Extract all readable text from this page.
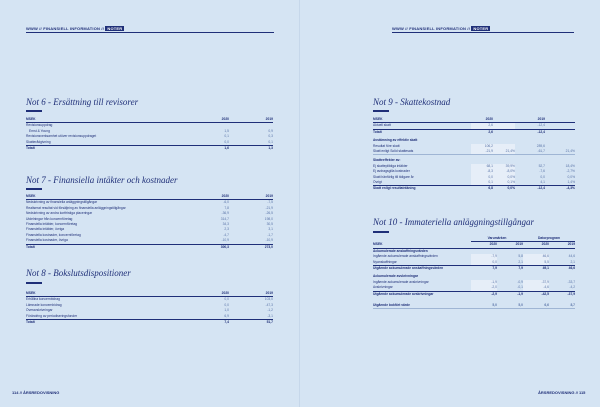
WWW // FINANSIELL INFORMATION // NOTER
Not 6 - Ersättning till revisorer
MSEK	2020	2019
Revisionsuppdrag		
Ernst & Young	1,5	0,9

Revisionsverksamhet utöver revisionsuppdraget	0,1	0,3
Skatterådgivning	0,0	0,1
Totalt	1,6	1,3
Not 7 - Finansiella intäkter och kostnader
MSEK	2020	2019
Nedskrivning av finansiella anläggningstillgångar	-6,0	-7,5
Realiserat resultat vid försäljning av finansiella anläggningstillgångar	7,8	-21,9
Nedskrivning av andra kortfristiga placeringar	-36,9	-26,5
Utdelningar från koncernföretag	314,7	198,0
Finansiella intäkter, koncernföretag	34,3	30,5
Finansiella intäkter, övriga	2,3	3,1
Finansiella kostnader, koncernföretag	-4,7	-1,7
Finansiella kostnader, övriga	-10,9	-10,9
Totalt	300,3	273,0
Not 8 - Bokslutsdispositioner
MSEK	2020	2019
Erhållna koncernbidrag	0,0	103,0
Lämnade koncernbidrag	0,0	-47,3
Överavskrivningar	1,0	-1,2
Förändring av periodiseringsfonder	6,9	-3,1
Totalt	7,4	51,7
114 // ÅRSREDOVISNING
WWW // FINANSIELL INFORMATION // NOTER
Not 9 - Skattekostnad
MSEK	2020		2019	
Aktuell skatt	2,6		-12,4	
Totalt	2,6		-12,4	

Avstämning av effektiv skatt				
Resultat före skatt	106,2		289,6	
Skatt enligt Solid skattesats	-21,9	21,4%	-61,7	21,4%

Skatteeffekter av:				
Ej skattepliktiga intäkter	68,1	39,9%	52,7	18,4%
Ej avdragsgilla kostnader	-8,3	-8,0%	-7,6	-2,7%
Skatt hänförlig till tidigare år	0,0	0,0%	0,0	0,0%
Övrigt	0,1	0,1%	4,1	1,4%
Skatt enligt resultaträkning	6,8	0,0%	-12,4	-4,3%
Not 10 - Immateriella anläggningstillgångar
	Varumärken		Datorprogram	
MSEK	2020	2019	2020	2019
Ackumulerade anskaffningsvärden				
Ingående ackumulerade anskaffningsvärden	-7,9	5,8	46,6	44,6
Nyanskaffningar	0,0	2,1	5,5	2,1
Utgående ackumulerade anskaffningsvärden	7,9	7,9	49,1	46,6

Ackumulerade avskrivningar				
Ingående ackumulerade avskrivningar	-1,9	-0,9	-37,9	-33,7
Avskrivningar	-2,0	-0,1	-4,6	-4,2
Utgående ackumulerade avskrivningar	-2,9	-1,9	-42,5	-37,9

Utgående bokfört värde	5,0	5,0	6,6	8,7
ÅRSREDOVISNING // 115
